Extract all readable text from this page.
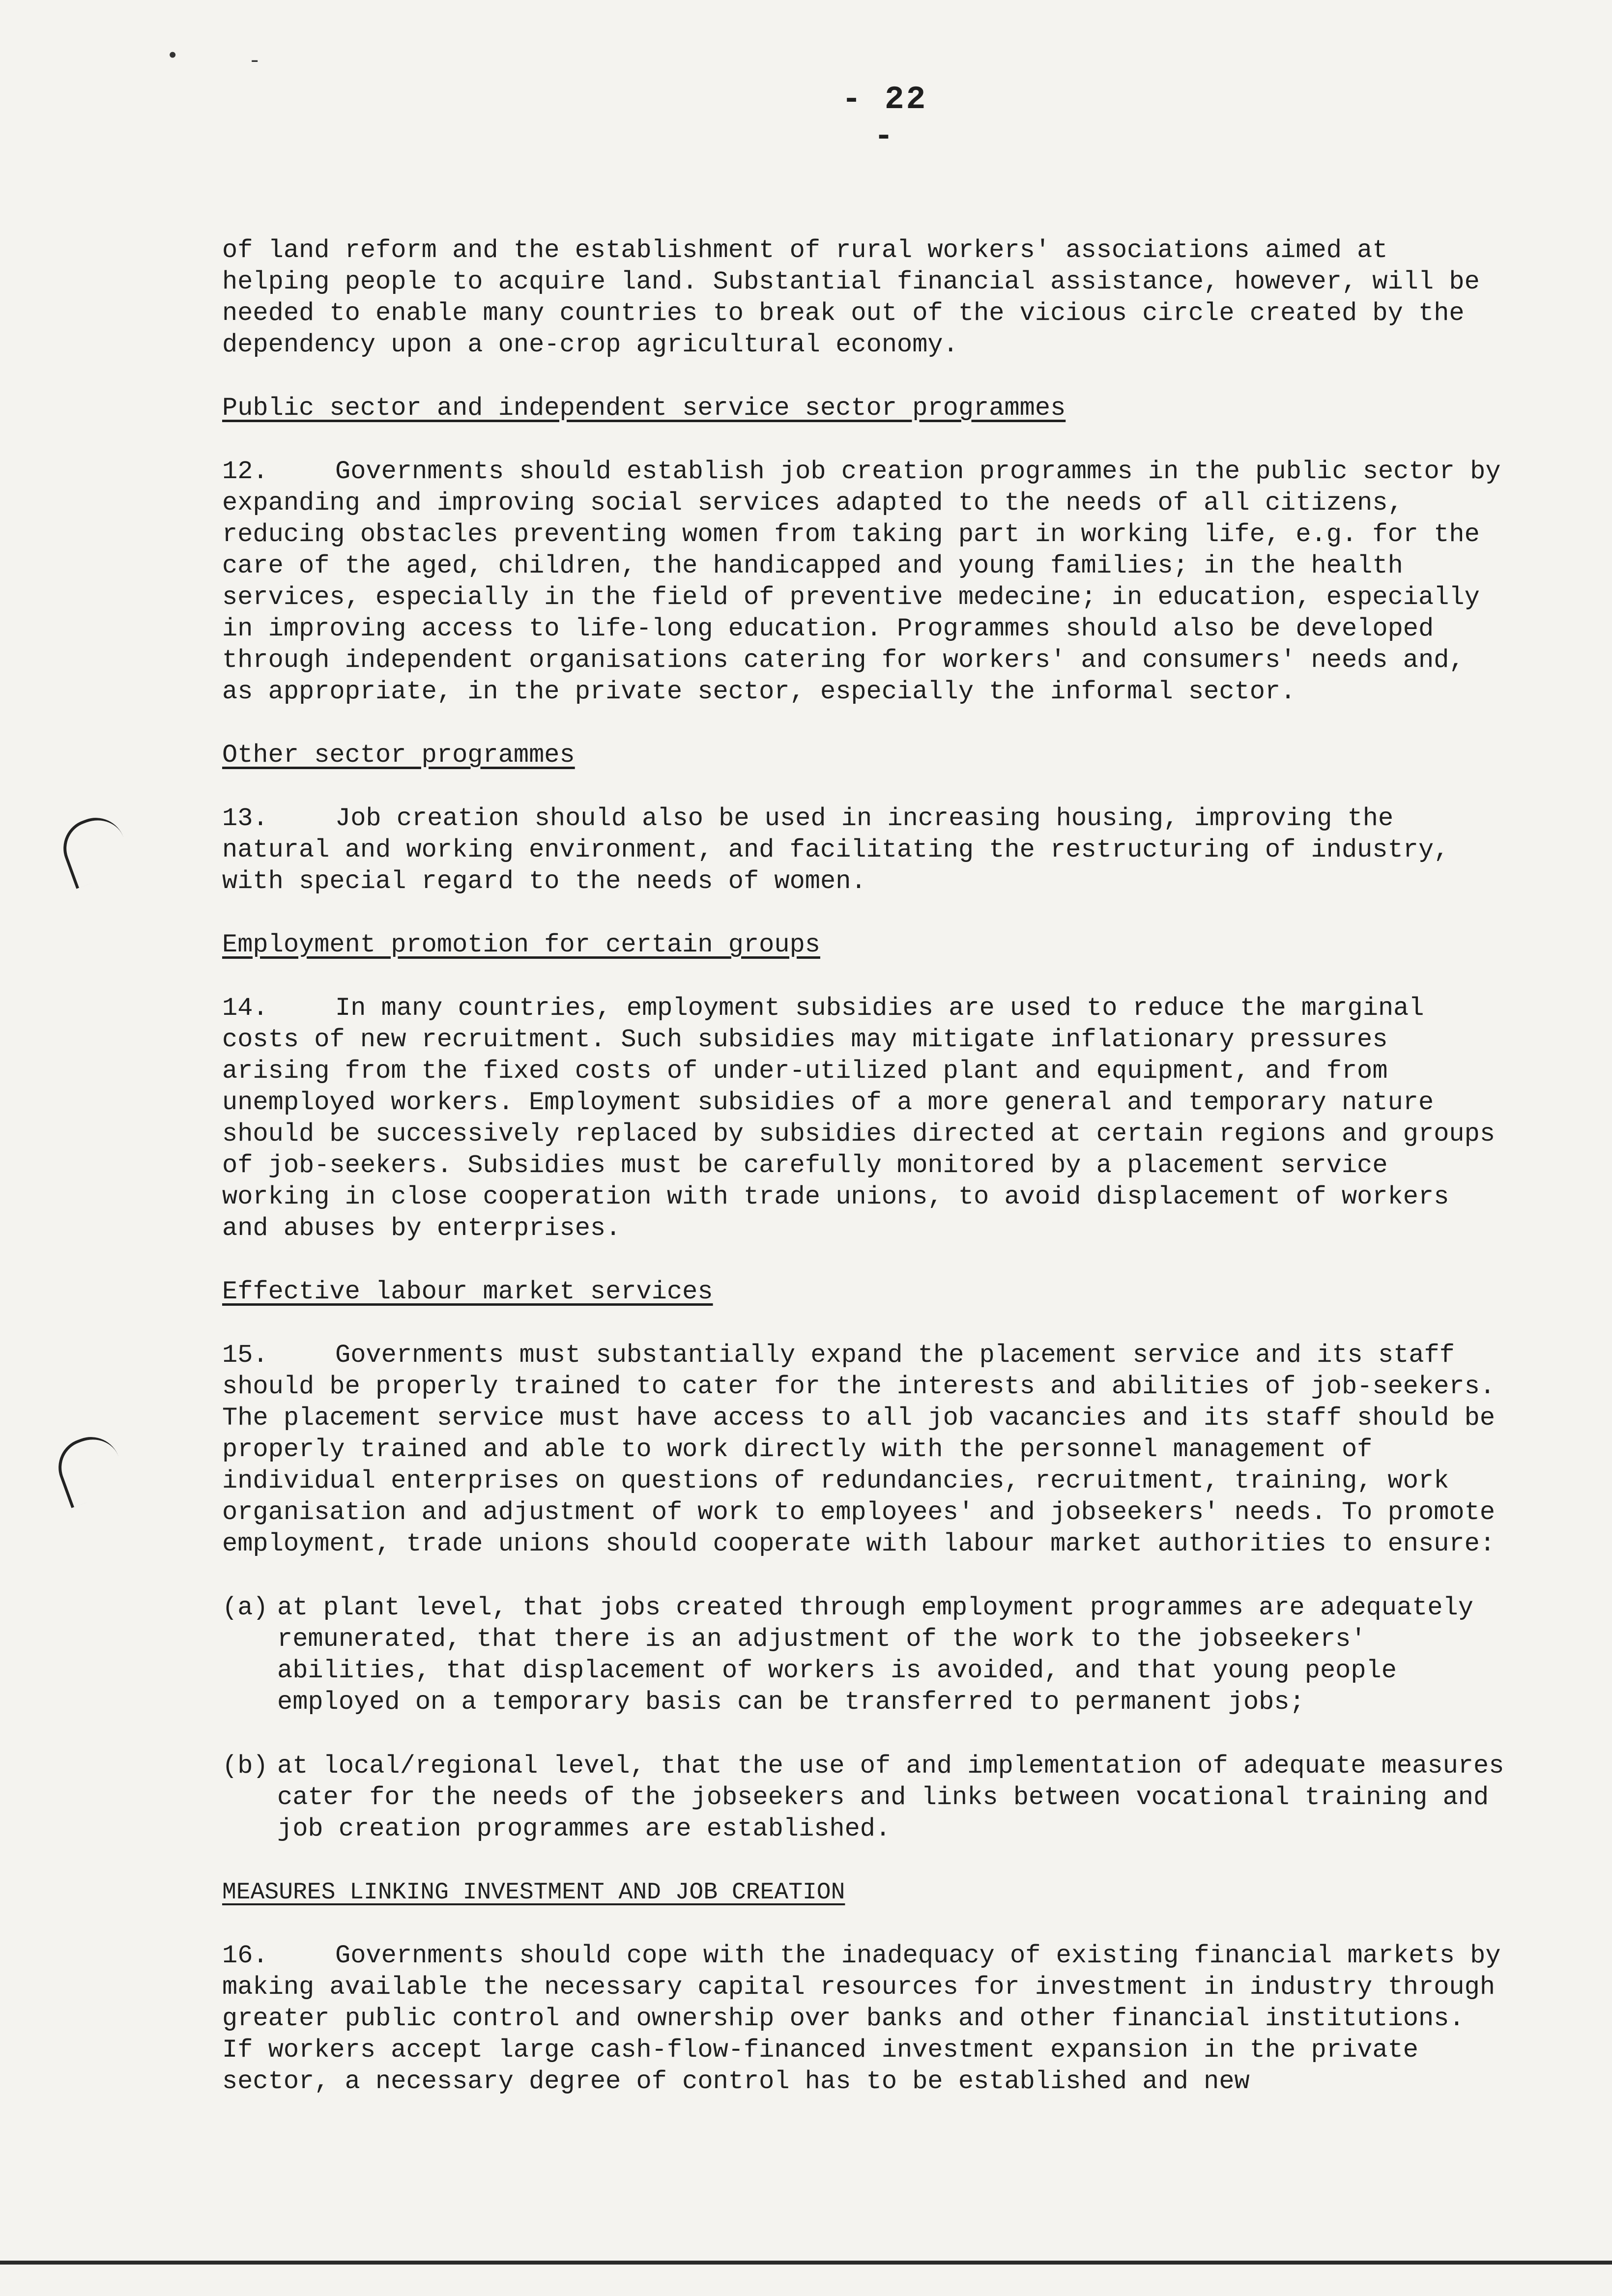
•	-
- 22 -

of land reform and the establishment of rural workers' associations aimed at helping people to acquire land. Substantial financial assistance, however, will be needed to enable many countries to break out of the vicious circle created by the dependency upon a one-crop agricultural economy.

Public sector and independent service sector programmes

12.	Governments should establish job creation programmes in the public sector by expanding and improving social services adapted to the needs of all citizens, reducing obstacles preventing women from taking part in working life, e.g. for the care of the aged, children, the handicapped and young families; in the health services, especially in the field of preventive medecine; in education, especially in improving access to life-long education. Programmes should also be developed through independent organisations catering for workers' and consumers' needs and, as appropriate, in the private sector, especially the informal sector.

Other sector programmes

13.	Job creation should also be used in increasing housing, improving the natural and working environment, and facilitating the restructuring of industry, with special regard to the needs of women.

Employment promotion for certain groups

14.	In many countries, employment subsidies are used to reduce the marginal costs of new recruitment. Such subsidies may mitigate inflationary pressures arising from the fixed costs of under-utilized plant and equipment, and from unemployed workers. Employment subsidies of a more general and temporary nature should be successively replaced by subsidies directed at certain regions and groups of job-seekers. Subsidies must be carefully monitored by a placement service working in close cooperation with trade unions, to avoid displacement of workers and abuses by enterprises.

Effective labour market services

15.	Governments must substantially expand the placement service and its staff should be properly trained to cater for the interests and abilities of job-seekers. The placement service must have access to all job vacancies and its staff should be properly trained and able to work directly with the personnel management of individual enterprises on questions of redundancies, recruitment, training, work organisation and adjustment of work to employees' and jobseekers' needs. To promote employment, trade unions should cooperate with labour market authorities to ensure:

(a) at plant level, that jobs created through employment programmes are adequately remunerated, that there is an adjustment of the work to the jobseekers' abilities, that displacement of workers is avoided, and that young people employed on a temporary basis can be transferred to permanent jobs;
(b) at local/regional level, that the use of and implementation of adequate measures cater for the needs of the jobseekers and links between vocational training and job creation programmes are established.
MEASURES LINKING INVESTMENT AND JOB CREATION

16.	Governments should cope with the inadequacy of existing financial markets by making available the necessary capital resources for investment in industry through greater public control and ownership over banks and other financial institutions. If workers accept large cash-flow-financed investment expansion in the private sector, a necessary degree of control has to be established and new
